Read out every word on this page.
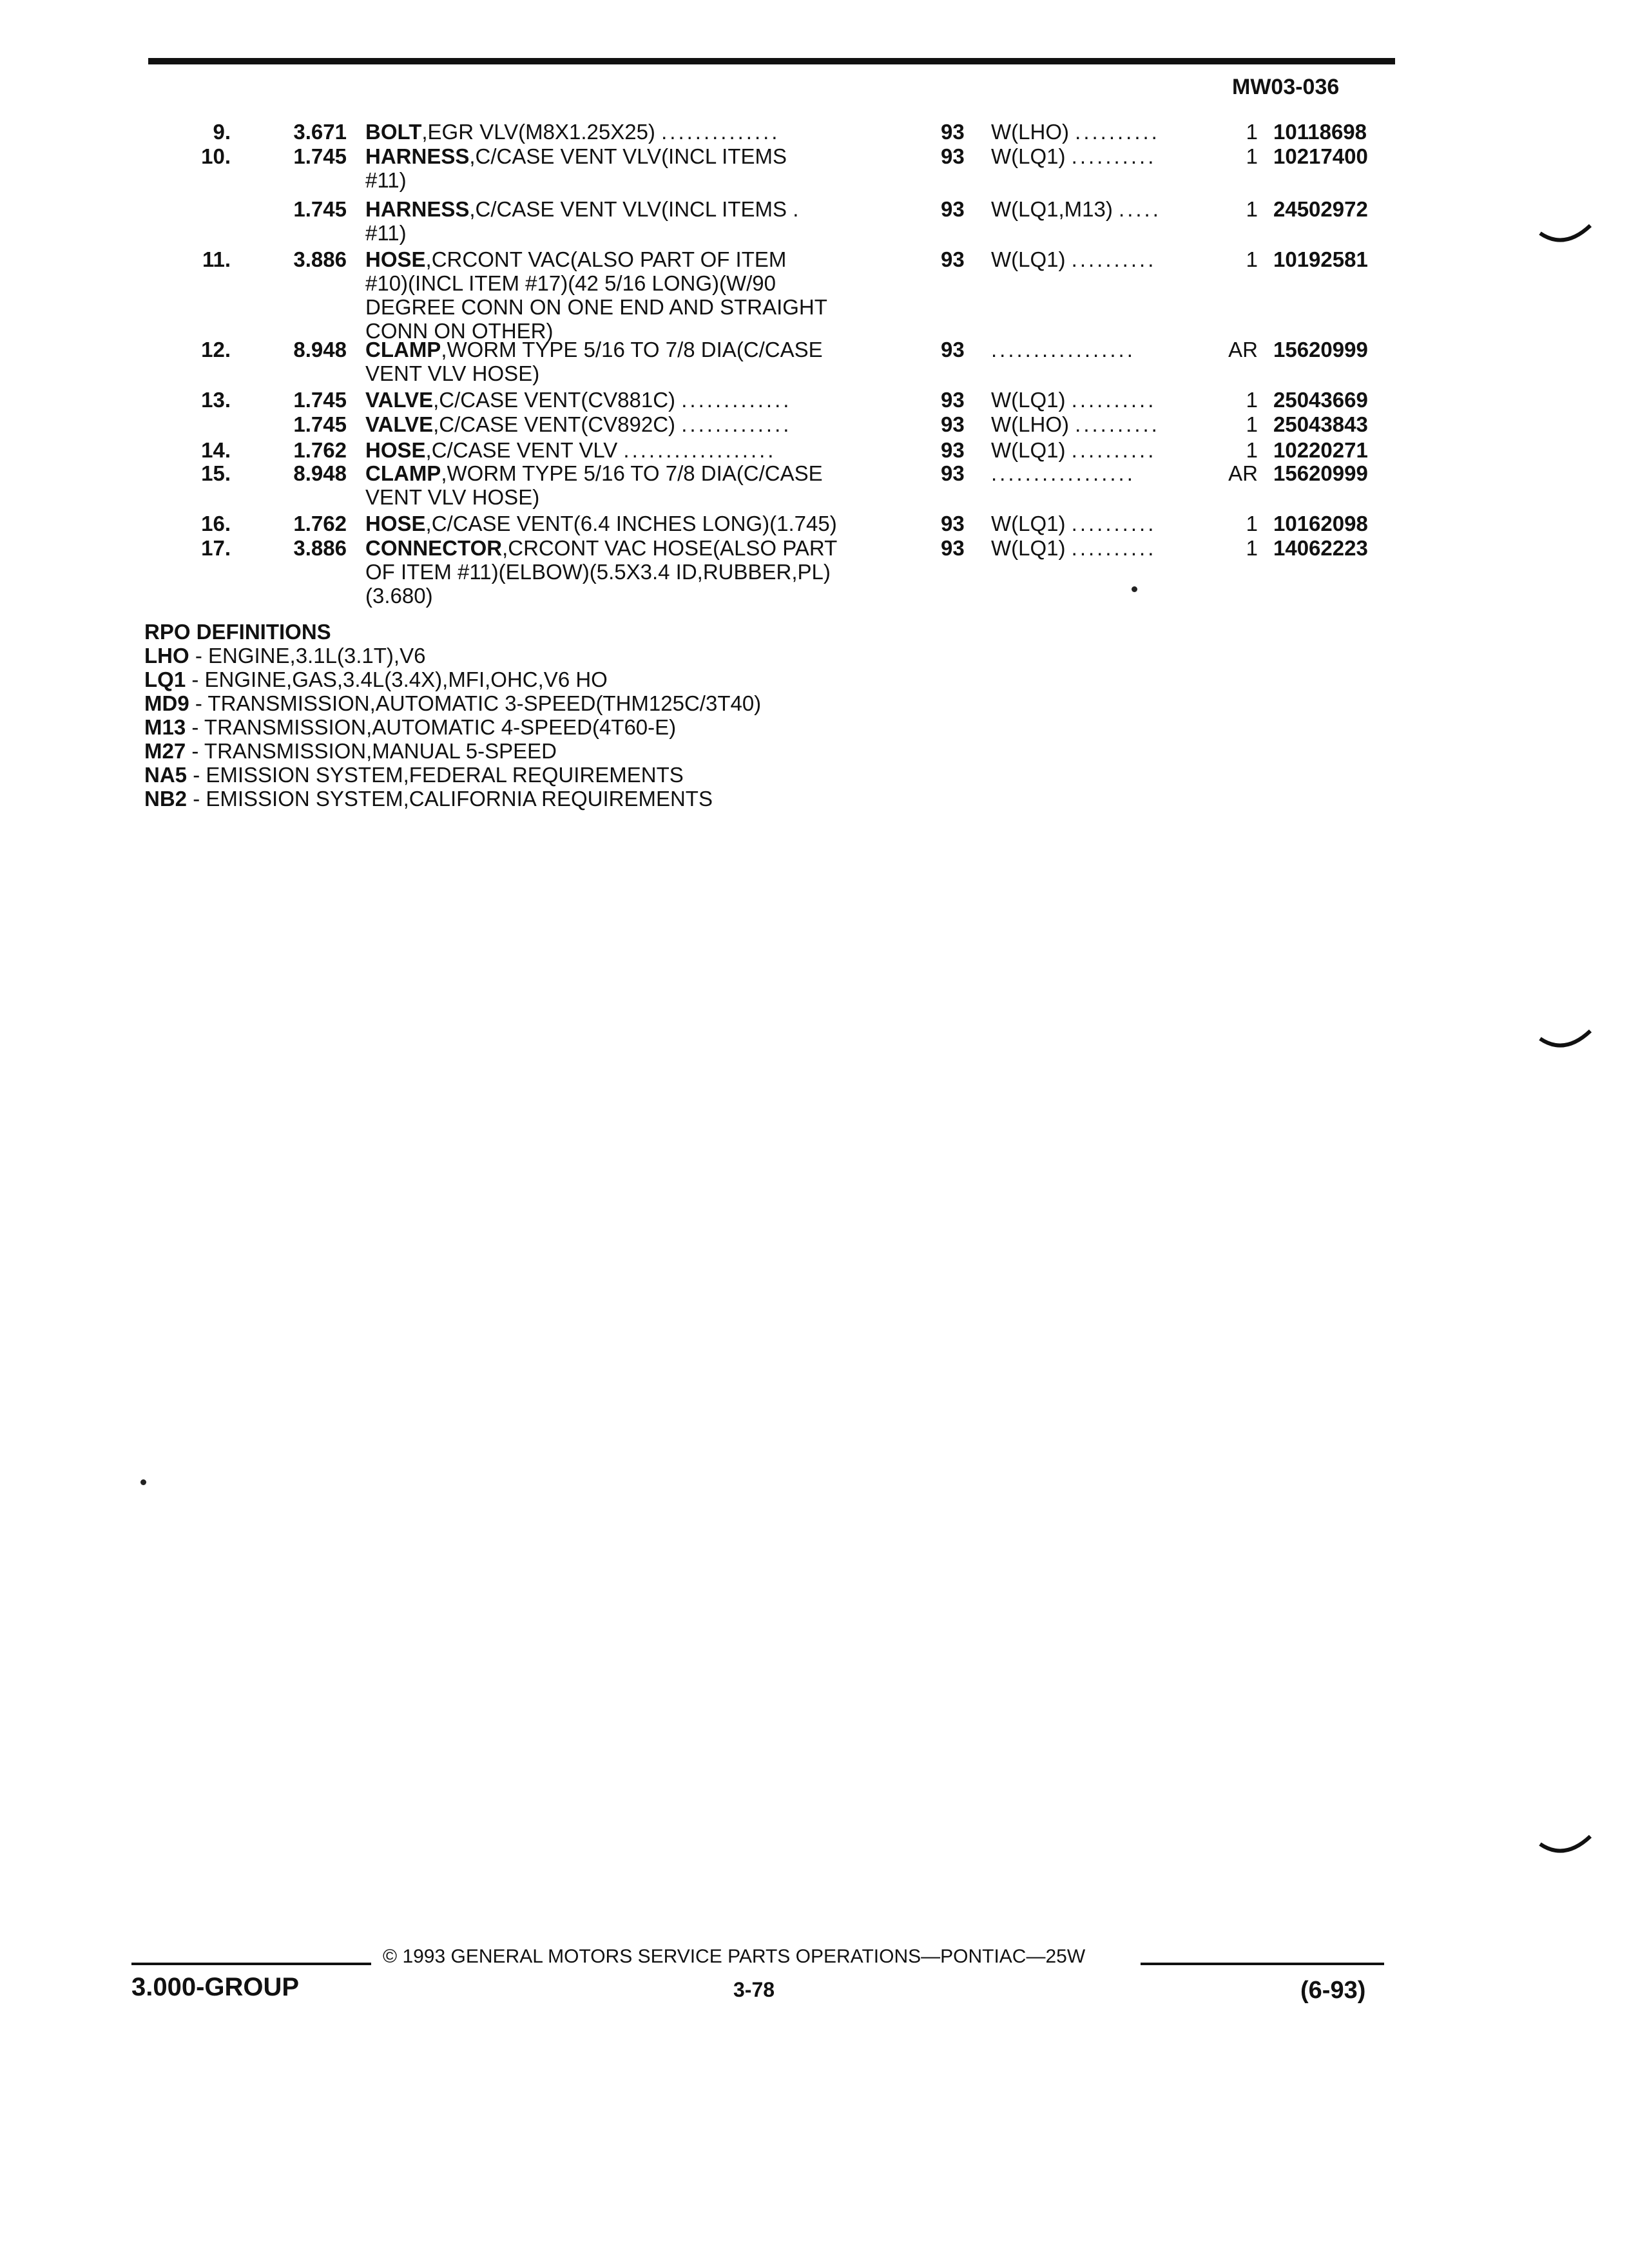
MW03-036
9.	3.671 BOLT,EGR VLV(M8X1.25X25) ..............	93	W(LHO) ..........	1 10118698
10.	1.745 HARNESS,C/CASE VENT VLV(INCL ITEMS
#11)
93	W(LQ1) ..........	1 10217400
1.745 HARNESS,C/CASE VENT VLV(INCL ITEMS .
#11)
93	W(LQ1,M13) .....	1 24502972
11.	3.886 HOSE,CRCONT VAC(ALSO PART OF ITEM
#10)(INCL ITEM #17)(42 5/16 LONG)(W/90
DEGREE CONN ON ONE END AND STRAIGHT
CONN ON OTHER)
93	W(LQ1) ..........	1 10192581
12.	8.948 CLAMP,WORM TYPE 5/16 TO 7/8 DIA(C/CASE
VENT VLV HOSE)
93	.................	AR 15620999
13.	1.745 VALVE,C/CASE VENT(CV881C) .............	93	W(LQ1) ..........	1 25043669
1.745 VALVE,C/CASE VENT(CV892C) .............	93	W(LHO) ..........	1 25043843
14.	1.762 HOSE,C/CASE VENT VLV ..................	93	W(LQ1) ..........	1 10220271
15.	8.948 CLAMP,WORM TYPE 5/16 TO 7/8 DIA(C/CASE
VENT VLV HOSE)
93	.................	AR 15620999
16.	1.762 HOSE,C/CASE VENT(6.4 INCHES LONG)(1.745)	93	W(LQ1) ..........	1 10162098
17.	3.886 CONNECTOR,CRCONT VAC HOSE(ALSO PART
OF ITEM #11)(ELBOW)(5.5X3.4 ID,RUBBER,PL)
(3.680)
93	W(LQ1) ..........	1 14062223
RPO DEFINITIONS
LHO - ENGINE,3.1L(3.1T),V6
LQ1 - ENGINE,GAS,3.4L(3.4X),MFI,OHC,V6 HO
MD9 - TRANSMISSION,AUTOMATIC 3-SPEED(THM125C/3T40)
M13 - TRANSMISSION,AUTOMATIC 4-SPEED(4T60-E)
M27 - TRANSMISSION,MANUAL 5-SPEED
NA5 - EMISSION SYSTEM,FEDERAL REQUIREMENTS
NB2 - EMISSION SYSTEM,CALIFORNIA REQUIREMENTS
© 1993 GENERAL MOTORS SERVICE PARTS OPERATIONS—PONTIAC—25W
3.000-GROUP	3-78	(6-93)
